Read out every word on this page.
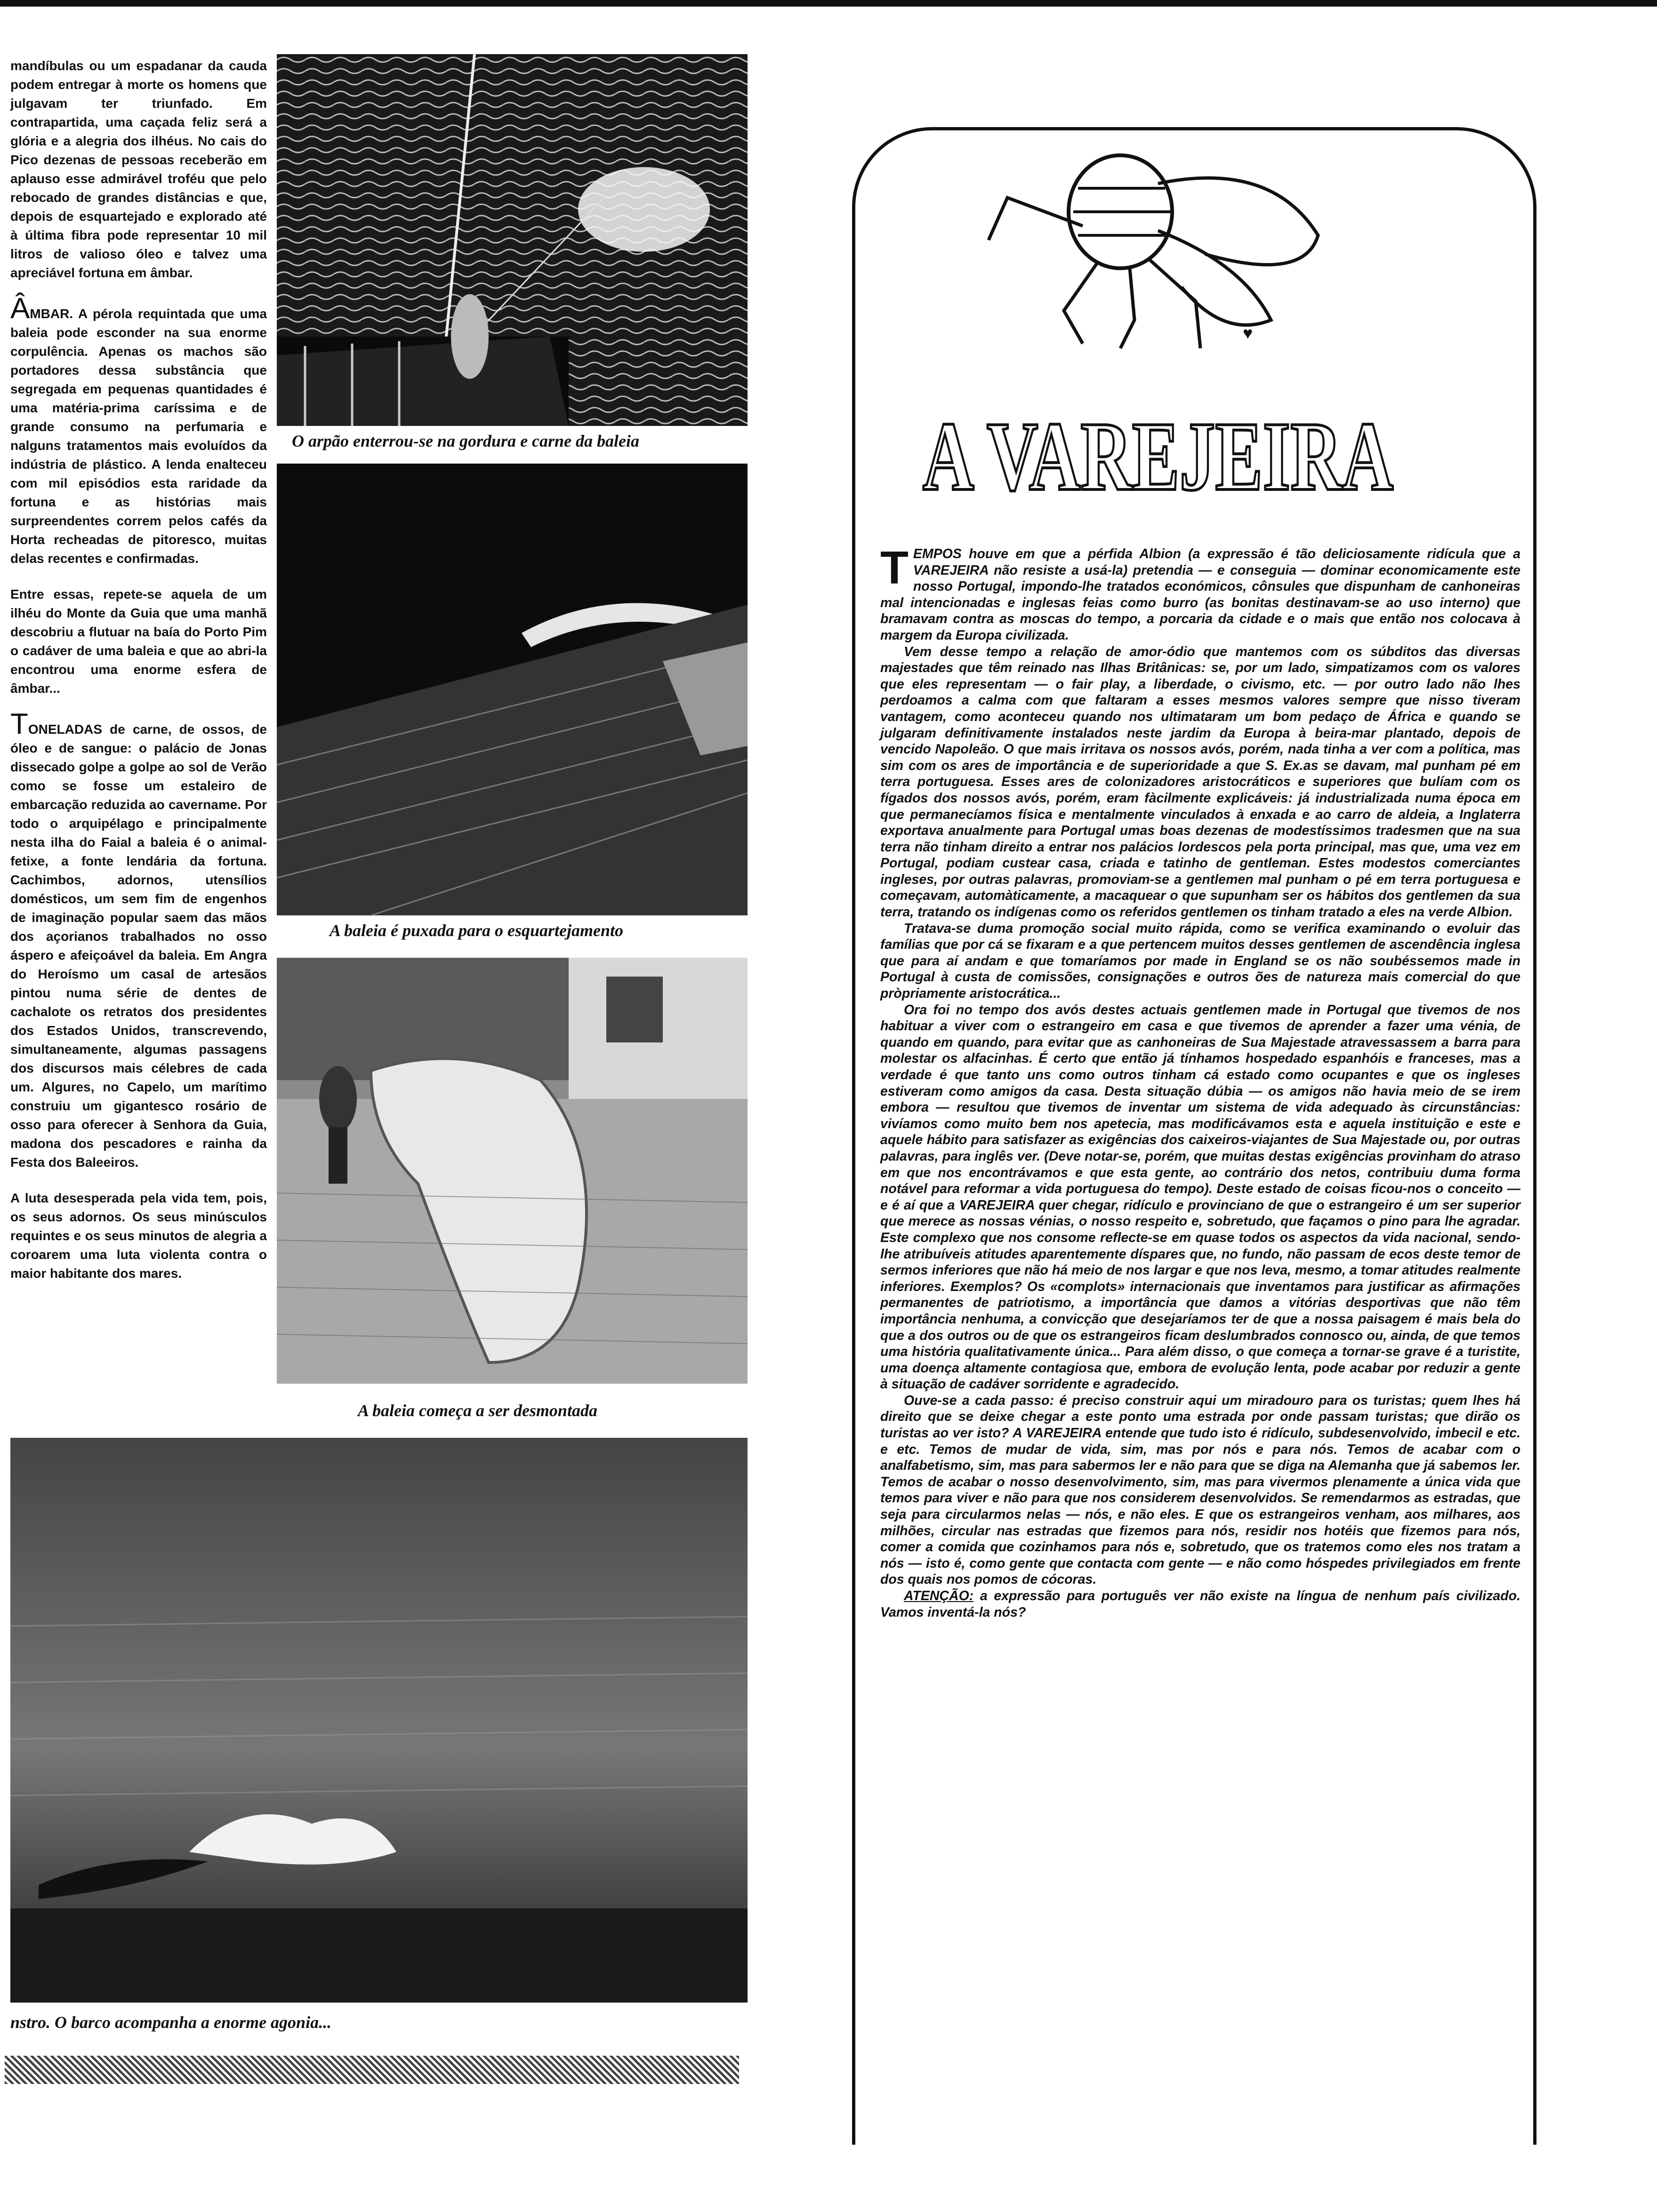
mandíbulas ou um espadanar da cauda podem entregar à morte os homens que julgavam ter triunfado. Em contrapartida, uma caçada feliz será a glória e a alegria dos ilhéus. No cais do Pico dezenas de pessoas receberão em aplauso esse admirável troféu que pelo rebocado de grandes distâncias e que, depois de esquartejado e explorado até à última fibra pode representar 10 mil litros de valioso óleo e talvez uma apreciável fortuna em âmbar.

ÂMBAR. A pérola requintada que uma baleia pode esconder na sua enorme corpulência. Apenas os machos são portadores dessa substância que segregada em pequenas quantidades é uma matéria-prima caríssima e de grande consumo na perfumaria e nalguns tratamentos mais evoluídos da indústria de plástico. A lenda enalteceu com mil episódios esta raridade da fortuna e as histórias mais surpreendentes correm pelos cafés da Horta recheadas de pitoresco, muitas delas recentes e confirmadas.

Entre essas, repete-se aquela de um ilhéu do Monte da Guia que uma manhã descobriu a flutuar na baía do Porto Pim o cadáver de uma baleia e que ao abri-la encontrou uma enorme esfera de âmbar...

TONELADAS de carne, de ossos, de óleo e de sangue: o palácio de Jonas dissecado golpe a golpe ao sol de Verão como se fosse um estaleiro de embarcação reduzida ao cavername. Por todo o arquipélago e principalmente nesta ilha do Faial a baleia é o animal-fetixe, a fonte lendária da fortuna. Cachimbos, adornos, utensílios domésticos, um sem fim de engenhos de imaginação popular saem das mãos dos açorianos trabalhados no osso áspero e afeiçoável da baleia. Em Angra do Heroísmo um casal de artesãos pintou numa série de dentes de cachalote os retratos dos presidentes dos Estados Unidos, transcrevendo, simultaneamente, algumas passagens dos discursos mais célebres de cada um. Algures, no Capelo, um marítimo construiu um gigantesco rosário de osso para oferecer à Senhora da Guia, madona dos pescadores e rainha da Festa dos Baleeiros.

A luta desesperada pela vida tem, pois, os seus adornos. Os seus minúsculos requintes e os seus minutos de alegria a coroarem uma luta violenta contra o maior habitante dos mares.

O arpão enterrou-se na gordura e carne da baleia
A baleia é puxada para o esquartejamento
A baleia começa a ser desmontada
nstro. O barco acompanha a enorme agonia...
♥
A VAREJEIRA

TEMPOS houve em que a pérfida Albion (a expressão é tão deliciosamente ridícula que a VAREJEIRA não resiste a usá-la) pretendia — e conseguia — dominar economicamente este nosso Portugal, impondo-lhe tratados económicos, cônsules que dispunham de canhoneiras mal intencionadas e inglesas feias como burro (as bonitas destinavam-se ao uso interno) que bramavam contra as moscas do tempo, a porcaria da cidade e o mais que então nos colocava à margem da Europa civilizada.

Vem desse tempo a relação de amor-ódio que mantemos com os súbditos das diversas majestades que têm reinado nas Ilhas Britânicas: se, por um lado, simpatizamos com os valores que eles representam — o fair play, a liberdade, o civismo, etc. — por outro lado não lhes perdoamos a calma com que faltaram a esses mesmos valores sempre que nisso tiveram vantagem, como aconteceu quando nos ultimataram um bom pedaço de África e quando se julgaram definitivamente instalados neste jardim da Europa à beira-mar plantado, depois de vencido Napoleão. O que mais irritava os nossos avós, porém, nada tinha a ver com a política, mas sim com os ares de importância e de superioridade a que S. Ex.as se davam, mal punham pé em terra portuguesa. Esses ares de colonizadores aristocráticos e superiores que bulíam com os fígados dos nossos avós, porém, eram fàcilmente explicáveis: já industrializada numa época em que permanecíamos física e mentalmente vinculados à enxada e ao carro de aldeia, a Inglaterra exportava anualmente para Portugal umas boas dezenas de modestíssimos tradesmen que na sua terra não tinham direito a entrar nos palácios lordescos pela porta principal, mas que, uma vez em Portugal, podiam custear casa, criada e tatinho de gentleman. Estes modestos comerciantes ingleses, por outras palavras, promoviam-se a gentlemen mal punham o pé em terra portuguesa e começavam, automàticamente, a macaquear o que supunham ser os hábitos dos gentlemen da sua terra, tratando os indígenas como os referidos gentlemen os tinham tratado a eles na verde Albion.

Tratava-se duma promoção social muito rápida, como se verifica examinando o evoluir das famílias que por cá se fixaram e a que pertencem muitos desses gentlemen de ascendência inglesa que para aí andam e que tomaríamos por made in England se os não soubéssemos made in Portugal à custa de comissões, consignações e outros ões de natureza mais comercial do que pròpriamente aristocrática...

Ora foi no tempo dos avós destes actuais gentlemen made in Portugal que tivemos de nos habituar a viver com o estrangeiro em casa e que tivemos de aprender a fazer uma vénia, de quando em quando, para evitar que as canhoneiras de Sua Majestade atravessassem a barra para molestar os alfacinhas. É certo que então já tínhamos hospedado espanhóis e franceses, mas a verdade é que tanto uns como outros tinham cá estado como ocupantes e que os ingleses estiveram como amigos da casa. Desta situação dúbia — os amigos não havia meio de se irem embora — resultou que tivemos de inventar um sistema de vida adequado às circunstâncias: vivíamos como muito bem nos apetecia, mas modificávamos esta e aquela instituição e este e aquele hábito para satisfazer as exigências dos caixeiros-viajantes de Sua Majestade ou, por outras palavras, para inglês ver. (Deve notar-se, porém, que muitas destas exigências provinham do atraso em que nos encontrávamos e que esta gente, ao contrário dos netos, contribuiu duma forma notável para reformar a vida portuguesa do tempo). Deste estado de coisas ficou-nos o conceito — e é aí que a VAREJEIRA quer chegar, ridículo e provinciano de que o estrangeiro é um ser superior que merece as nossas vénias, o nosso respeito e, sobretudo, que façamos o pino para lhe agradar. Este complexo que nos consome reflecte-se em quase todos os aspectos da vida nacional, sendo-lhe atribuíveis atitudes aparentemente díspares que, no fundo, não passam de ecos deste temor de sermos inferiores que não há meio de nos largar e que nos leva, mesmo, a tomar atitudes realmente inferiores. Exemplos? Os «complots» internacionais que inventamos para justificar as afirmações permanentes de patriotismo, a importância que damos a vitórias desportivas que não têm importância nenhuma, a convicção que desejaríamos ter de que a nossa paisagem é mais bela do que a dos outros ou de que os estrangeiros ficam deslumbrados connosco ou, ainda, de que temos uma história qualitativamente única... Para além disso, o que começa a tornar-se grave é a turistite, uma doença altamente contagiosa que, embora de evolução lenta, pode acabar por reduzir a gente à situação de cadáver sorridente e agradecido.

Ouve-se a cada passo: é preciso construir aqui um miradouro para os turistas; quem lhes há direito que se deixe chegar a este ponto uma estrada por onde passam turistas; que dirão os turistas ao ver isto? A VAREJEIRA entende que tudo isto é ridículo, subdesenvolvido, imbecil e etc. e etc. Temos de mudar de vida, sim, mas por nós e para nós. Temos de acabar com o analfabetismo, sim, mas para sabermos ler e não para que se diga na Alemanha que já sabemos ler. Temos de acabar o nosso desenvolvimento, sim, mas para vivermos plenamente a única vida que temos para viver e não para que nos considerem desenvolvidos. Se remendarmos as estradas, que seja para circularmos nelas — nós, e não eles. E que os estrangeiros venham, aos milhares, aos milhões, circular nas estradas que fizemos para nós, residir nos hotéis que fizemos para nós, comer a comida que cozinhamos para nós e, sobretudo, que os tratemos como eles nos tratam a nós — isto é, como gente que contacta com gente — e não como hóspedes privilegiados em frente dos quais nos pomos de cócoras.

ATENÇÃO: a expressão para português ver não existe na língua de nenhum país civilizado. Vamos inventá-la nós?
